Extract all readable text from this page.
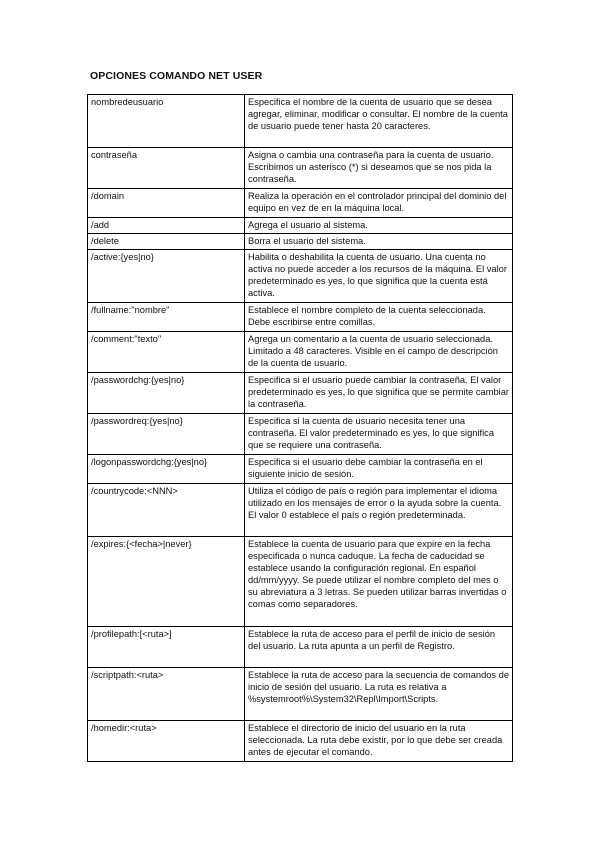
OPCIONES COMANDO NET USER
nombredeusuario	Especifica el nombre de la cuenta de usuario que se desea agregar, eliminar, modificar o consultar. El nombre de la cuenta de usuario puede tener hasta 20 caracteres.
contraseña	Asigna o cambia una contraseña para la cuenta de usuario. Escribimos un asterisco (*) si deseamos que se nos pida la contraseña.
/domain	Realiza la operación en el controlador principal del dominio del equipo en vez de en la máquina local.
/add	Agrega el usuario al sistema.
/delete	Borra el usuario del sistema.
/active:{yes|no}	Habilita o deshabilita la cuenta de usuario. Una cuenta no activa no puede acceder a los recursos de la máquina. El valor predeterminado es yes, lo que significa que la cuenta está activa.
/fullname:"nombre"	Establece el nombre completo de la cuenta seleccionada. Debe escribirse entre comillas.
/comment:"texto"	Agrega un comentario a la cuenta de usuario seleccionada. Limitado a 48 caracteres. Visible en el campo de descripción de la cuenta de usuario.
/passwordchg:{yes|no}	Especifica si el usuario puede cambiar la contraseña. El valor predeterminado es yes, lo que significa que se permite cambiar la contraseña.
/passwordreq:{yes|no}	Especifica si la cuenta de usuario necesita tener una contraseña. El valor predeterminado es yes, lo que significa que se requiere una contraseña.
/logonpasswordchg:{yes|no}	Especifica si el usuario debe cambiar la contraseña en el siguiente inicio de sesión.
/countrycode:<NNN>	Utiliza el código de país o región para implementar el idioma utilizado en los mensajes de error o la ayuda sobre la cuenta. El valor 0 establece el país o región predeterminada.
/expires:{<fecha>|never}	Establece la cuenta de usuario para que expire en la fecha especificada o nunca caduque. La fecha de caducidad se establece usando la configuración regional. En español dd/mm/yyyy. Se puede utilizar el nombre completo del mes o su abreviatura a 3 letras. Se pueden utilizar barras invertidas o comas como separadores.
/profilepath:[<ruta>]	Establece la ruta de acceso para el perfil de inicio de sesión del usuario. La ruta apunta a un perfil de Registro.
/scriptpath:<ruta>	Establece la ruta de acceso para la secuencia de comandos de inicio de sesión del usuario. La ruta es relativa a %systemroot%\System32\Repl\Import\Scripts.
/homedir:<ruta>	Establece el directorio de inicio del usuario en la ruta seleccionada. La ruta debe existir, por lo que debe ser creada antes de ejecutar el comando.
